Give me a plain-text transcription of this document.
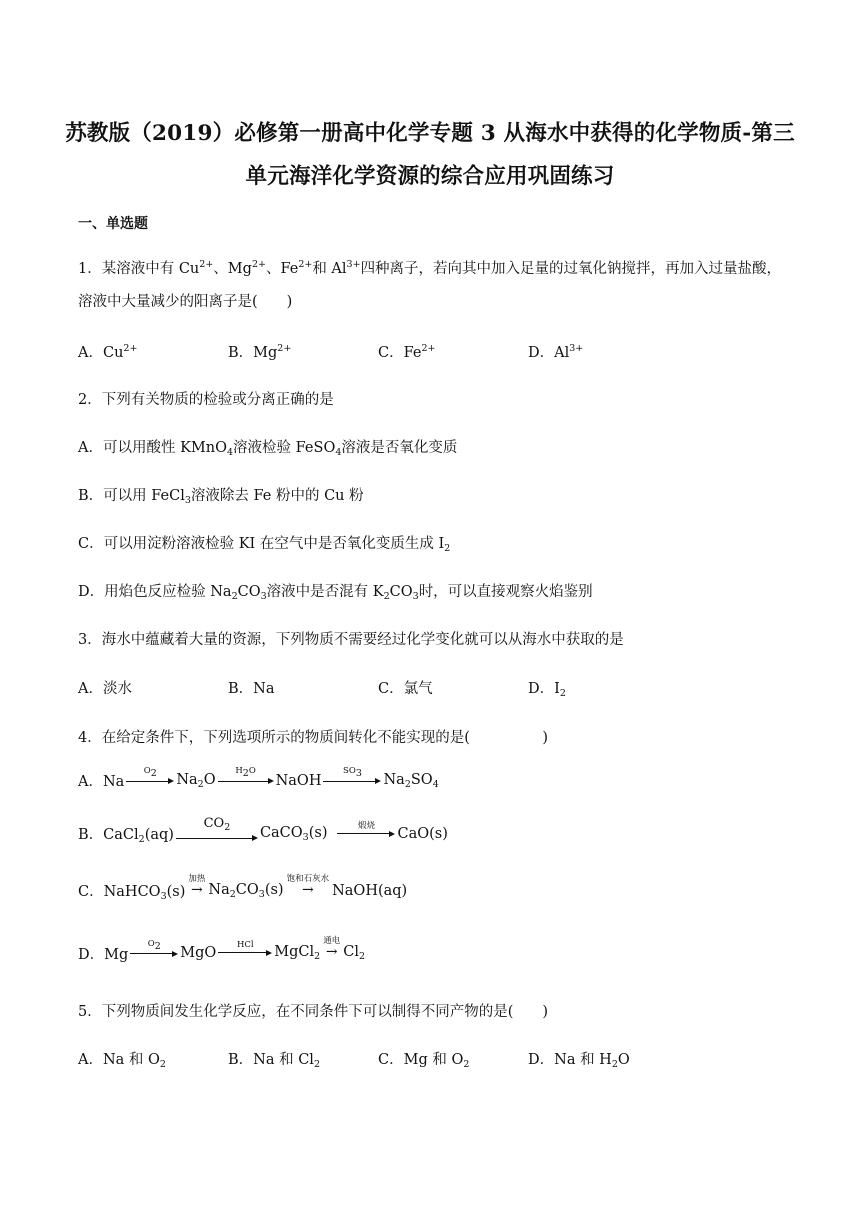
苏教版（2019）必修第一册高中化学专题 3 从海水中获得的化学物质-第三
单元海洋化学资源的综合应用巩固练习
一、单选题
1．某溶液中有 $Cu^{2+}$、$Mg^{2+}$、$Fe^{2+}$和 $Al^{3+}$四种离子，若向其中加入足量的过氧化钠搅拌，再加入过量盐酸，
溶液中大量减少的阳离子是(　　)
A．$Cu^{2+}$	B．$Mg^{2+}$	C．$Fe^{2+}$	D．$Al^{3+}$
2．下列有关物质的检验或分离正确的是
A．可以用酸性 KMnO$_4$溶液检验 FeSO$_4$溶液是否氧化变质
B．可以用 FeCl$_3$溶液除去 Fe 粉中的 Cu 粉
C．可以用淀粉溶液检验 KI 在空气中是否氧化变质生成 $I_2$
D．用焰色反应检验 $Na_2CO_3$溶液中是否混有 $K_2CO_3$时，可以直接观察火焰鉴别
3．海水中蕴藏着大量的资源，下列物质不需要经过化学变化就可以从海水中获取的是
A．淡水	B．Na	C．氯气	D．$I_2$
4．在给定条件下，下列选项所示的物质间转化不能实现的是(　　　　　)
A．Na
$O_2$ $Na_2O$
$H_2O$
NaOH
$SO_3$ $Na_2SO_4$
B．CaCl$_2$(aq)
$CO_2$ CaCO$_3$(s)	煅烧
CaO(s)
C．NaHCO$_3$(s)
加热
→ $Na_2CO_3(s)$
饱和石灰水
→ NaOH(aq)
D．Mg
$O_2$ MgO
HCl MgCl$_2$
通电
→ $Cl_2$
5．下列物质间发生化学反应，在不同条件下可以制得不同产物的是(　　)
A．Na 和 $O_2$	B．Na 和 $Cl_2$	C．Mg 和 $O_2$	D．Na 和 $H_2O$
